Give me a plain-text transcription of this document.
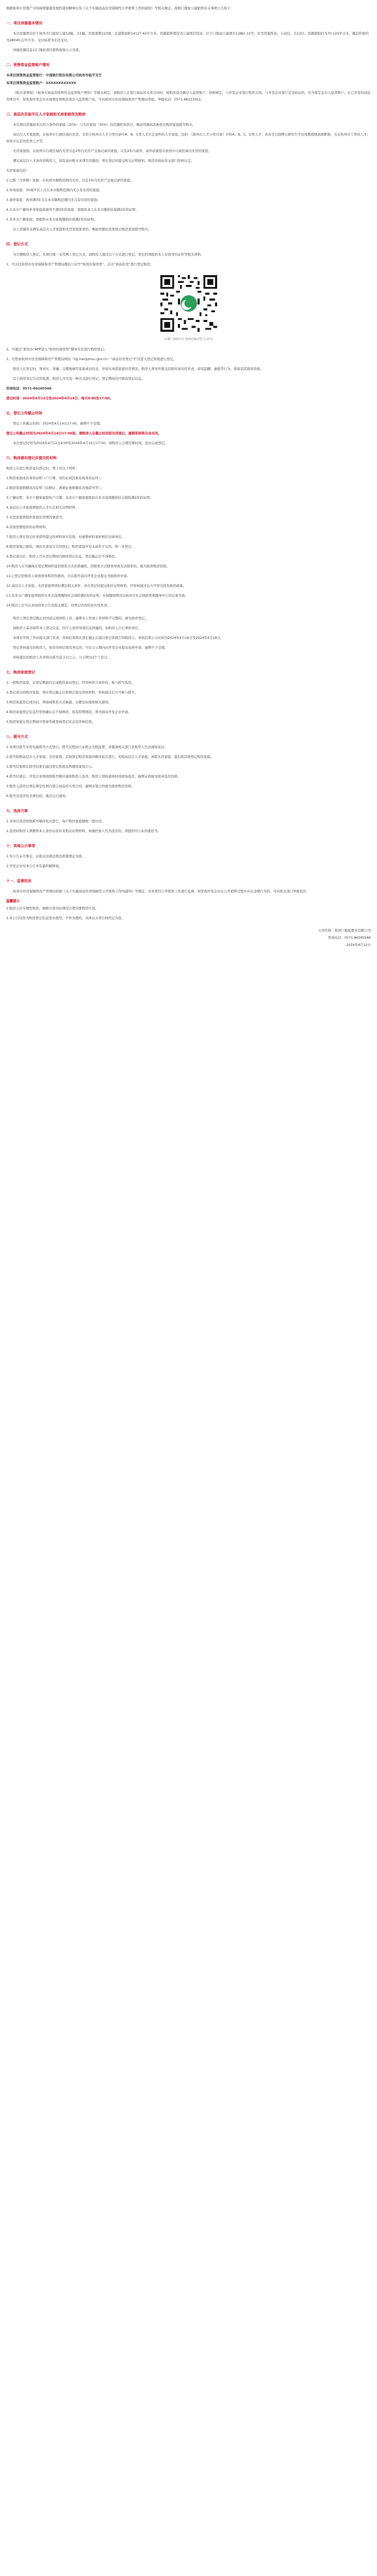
根据杭州市房地产市场持续健康发展的通知精神以及《关于实施商品住房保障性公开销售工作的通知》等相关规定，现将门地星公建销售有关事项公告如下：

一、项目房源基本情况

本次房源项目位于杭州市门地星公建12幢，共1幢，房屋套数123套，总建筑面积14127.42平方米，房源销售情况为公建项目性质。位于门地星公建项目12幢1-12号，住宅用地性质，小高层，共12层；房源面积约为70-120平方米，楼层价格约为28040元/平方米。交付标准为毛坯交付。

详细房源信息以门地星项目销售现场公示为准。

二、预售资金监管账户情况

本项目预售资金监管银行：中国银行股份有限公司杭州市临平支行

本项目预售资金监管账户：XXXXXXXXXXXX

《购买者须知》（杭州市商品房预售资金监管账户须知）等相关规定，请购房人在签订商品房买卖合同时，将购房款全额存入监管账户。按照规定，与开发企业签订购房合同，与开发企业签订定金协议的，应当将定金存入监管账户。在已开发的商品房项目中，如发现开发企业未按规定将购房款存入监管账户的，可向杭州市住房保障和房产管理局举报。举报电话：0571-86223552。

三、高层次及临平区人才家庭和无房家庭优先购房

本次项目房源由本次符合条件的家庭（20%）与无房家庭（30%）的房源优先供应，剩余房源由其他登记购房家庭摇号购买。

高层次人才家庭指，在杭州市行政区域内无房，且符合杭州市人才分类目录中A、B、C类人才认定条件的人才家庭，包括：《杭州市人才分类目录》中的A、B、C、D类人才；具有全日制博士研究生学历或教授级高级职称，且在杭州市工作的人才；杭州市认定的优秀人才等。

无房家庭指，在杭州市行政区域内无房且近2年内无房产交易记录的家庭，以及2年内离异，离异前家庭在杭州市行政区域内无房的家庭。

满足高层次人才条件的购房人，如有意向购买本项目房源的，须在登记时提交相关证明材料，购房资格由有关部门审核认定。

无房家庭包括：

1.已婚（含再婚）家庭：在杭州市限购范围内无房，且近2年内无房产交易记录的家庭；

2.单身家庭：30周岁以上且在本市限购范围内无自有住房的家庭；

3.离异家庭：离异满3年且在本市限购范围内无自有住房的家庭；

4.在本市户籍的单身家庭或离异不满3年的家庭：需提供本人在本市缴纳社保满2年的证明；

5.非本市户籍家庭，需提供在本市连续缴纳社保满2年的证明。

以上房源若未满足高层次人才家庭和无房家庭需求的，剩余房源由其他登记购房家庭摇号购买。

四、登记方式

为方便购房人登记，本项目统一采用网上登记方式，请购房人通过以下方式进行登记，登记时须提供本人有效身份证件等相关材料。

1、可关注杭州市住房保障和房产管理局微信公众号“杭州住保房管”，点击“商品住房”进行登记购房；

（扫描二维码关注“杭州住保房管”公众号）

2、可通过“浙里办”APP进入“杭州住保房管”服务专区进行购房登记；

3、可登录杭州市住房保障和房产管理局网站（hjj.hangzhou.gov.cn）“商品住房登记”栏目进入登记系统进行登记。

购房人在登记时，须真实、准确、完整地填写家庭成员信息，并如实承诺家庭住房情况。购房人须对所提交资料的真实性负责，如有隐瞒、虚报等行为，将取消其购房资格。

以上购房登记方式均免费，购房人可任选一种方式进行登记，登记期间内可修改登记信息。

咨询电话：0571-86265566

登记时间：2024年4月12日至2024年4月14日，每天9:00至17:00。

五、登记上传截止时间

登记上传截止时间：2024年4月14日17:00，逾期不予受理。

登记上传截止时间为2024年4月14日17:00前，请购房人在截止时间前完成登记，逾期系统将自动关闭。

本次登记时间为2024年4月12日9:00至2024年4月14日17:00，请购房人合理安排时间，及时完成登记。

六、购房意向登记应提交的材料

购房人在进行购房意向登记时，须上传以下材料：

1.购房家庭成员身份证明（户口簿、身份证或其他有效身份证件）；

2.购房家庭婚姻状况证明（结婚证、离婚证或婚姻状况承诺书等）；

3.户籍证明：本市户籍家庭提供户口簿；非本市户籍家庭提供在本市连续缴纳社会保险满2年的证明；

4.高层次人才家庭须提供人才认定相关证明材料；

5.无房家庭须提供家庭住房情况承诺书；

6.其他需要提供的证明材料。

7.购房人须在登记时承诺所提交的材料真实有效，对虚假材料承担相应法律责任；

8.购房家庭已婚的，须由夫妻双方共同登记；购房家庭中有未成年子女的，须一并登记；

9.登记成功后，购房人可在登记期间内修改登记信息，登记截止后不得修改。

10.购房人应当确保在登记期间所提供联系方式的准确性，因联系方式错误导致无法联系的，视为放弃购房资格。

11.已登记的购房人如需放弃购房资格的，应在摇号前向开发企业提交书面放弃申请。

12.高层次人才家庭、无房家庭须同时满足相关条件，并在登记时提交相应证明材料，经审核通过后方可享受优先购房政策。

13.非本市户籍家庭须提供在本市连续缴纳社会保险满2年的证明，社保缴纳情况以杭州市社会保险管理服务中心的记录为准。

14.购房人应当认真阅读本公告及相关规定，对登记内容的真实性负责。

购房人须在登记截止时间前完成材料上传，逾期未上传或上传材料不完整的，视为放弃登记。

请购房人妥善保管本人登记信息，因个人原因导致信息泄露的，由购房人自行承担责任。

本项目审核工作由相关部门负责，审核结果将在登记截止后通过登记系统告知购房人。审核结果公示时间为2024年4月16日至2024年4月18日。

登记审核通过的购房人，如对审核结果有异议的，可在公示期内向开发企业提出复核申请，逾期不予受理。

审核通过的购房人名单将在摇号前予以公示，公示期为3个工作日。

七、购房家庭登记

1.一般购房家庭，在登记期间内完成购房意向登记，经审核符合条件的，参与摇号选房。

2.登记成功的购房家庭，须在登记截止后按规定提交审核材料，审核通过后方可参与摇号。

3.购房家庭登记成功后，须保持联系方式畅通，以便及时接收相关通知。

4.购房家庭登记信息经审核确认后不得修改，如有特殊情况，须书面向开发企业申请。

5.购房家庭在登记期间可登录系统查询登记状态及审核结果。

八、摇号方式

1.本项目摇号采用电脑摇号方式进行，摇号过程由公证机关全程监督，并邀请相关部门及购房人代表现场见证。

2.摇号按照高层次人才家庭、无房家庭、其他登记购房家庭的顺序依次进行，先摇高层次人才家庭，再摇无房家庭，最后摇其他登记购房家庭。

3.摇号结果将在摇号结束后通过登记系统及售楼处现场公示。

4.摇号结束后，开发企业将按照摇号顺序通知购房人选房，购房人须按通知时间到场选房，逾期未到视为放弃选房资格。

5.购房人选房后须在规定时间内签订商品房买卖合同，逾期未签订的视为放弃购房资格。

6.摇号及选房的具体时间、地点另行通知。

九、选房方案

1.本项目选房按照摇号顺序依次进行，每户购房家庭限购一套住房。

2.选房时购房人须携带本人身份证原件及相关证明材料，如委托他人代为选房的，须提供经公证的委托书。

十、其他公示事项

1.本公告未尽事宜，以相关法律法规及政策规定为准。

2.开发企业对本公告享有最终解释权。

十一、监督投诉

杭州市住房保障和房产管理局依据《关于实施商品住房保障性公开销售工作的通知》等规定，对本项目公开销售工作进行监督。如发现开发企业在公开销售过程中存在违规行为的，可向相关部门举报投诉。

温馨提示

1.购房人应当理性购房，根据自身实际情况合理安排购房计划。

2.本公告仅作为购房登记信息发布使用，不作为要约，具体以买卖合同约定为准。

公司名称：杭州门地星置业有限公司
咨询电话：0571-86265566
2024年4月12日
